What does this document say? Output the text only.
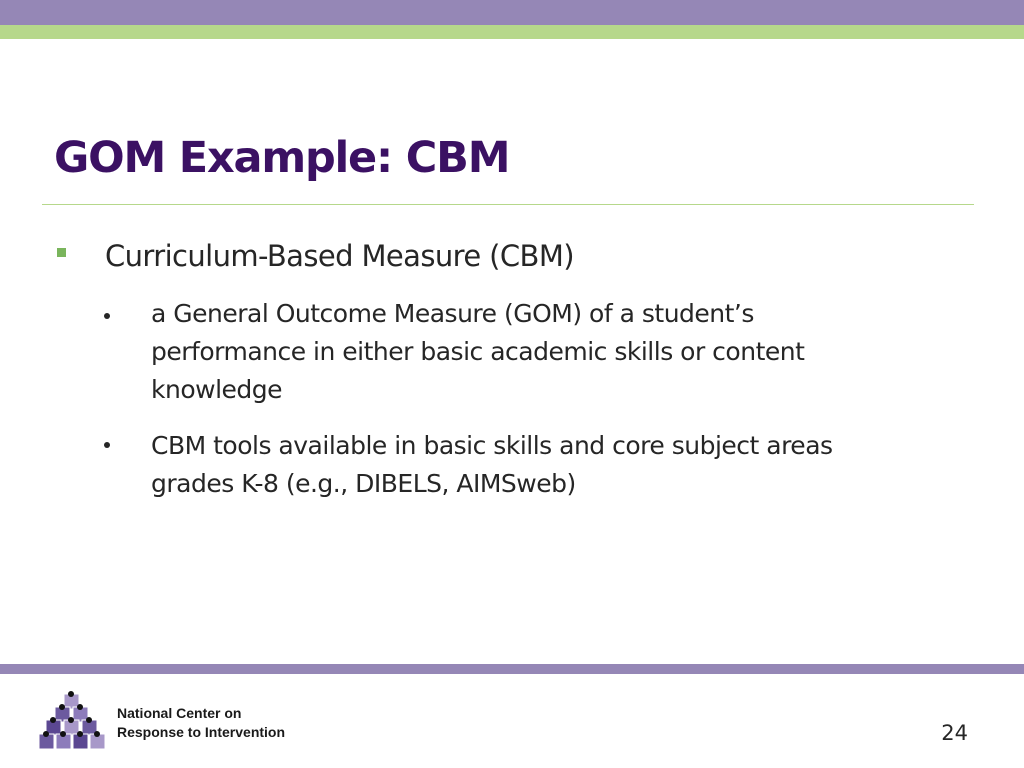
GOM Example: CBM
Curriculum-Based Measure (CBM)
a General Outcome Measure (GOM) of a student’s performance in either basic academic skills or content knowledge
CBM tools available in basic skills and core subject areas grades K-8 (e.g., DIBELS, AIMSweb)
National Center on
Response to Intervention	24
